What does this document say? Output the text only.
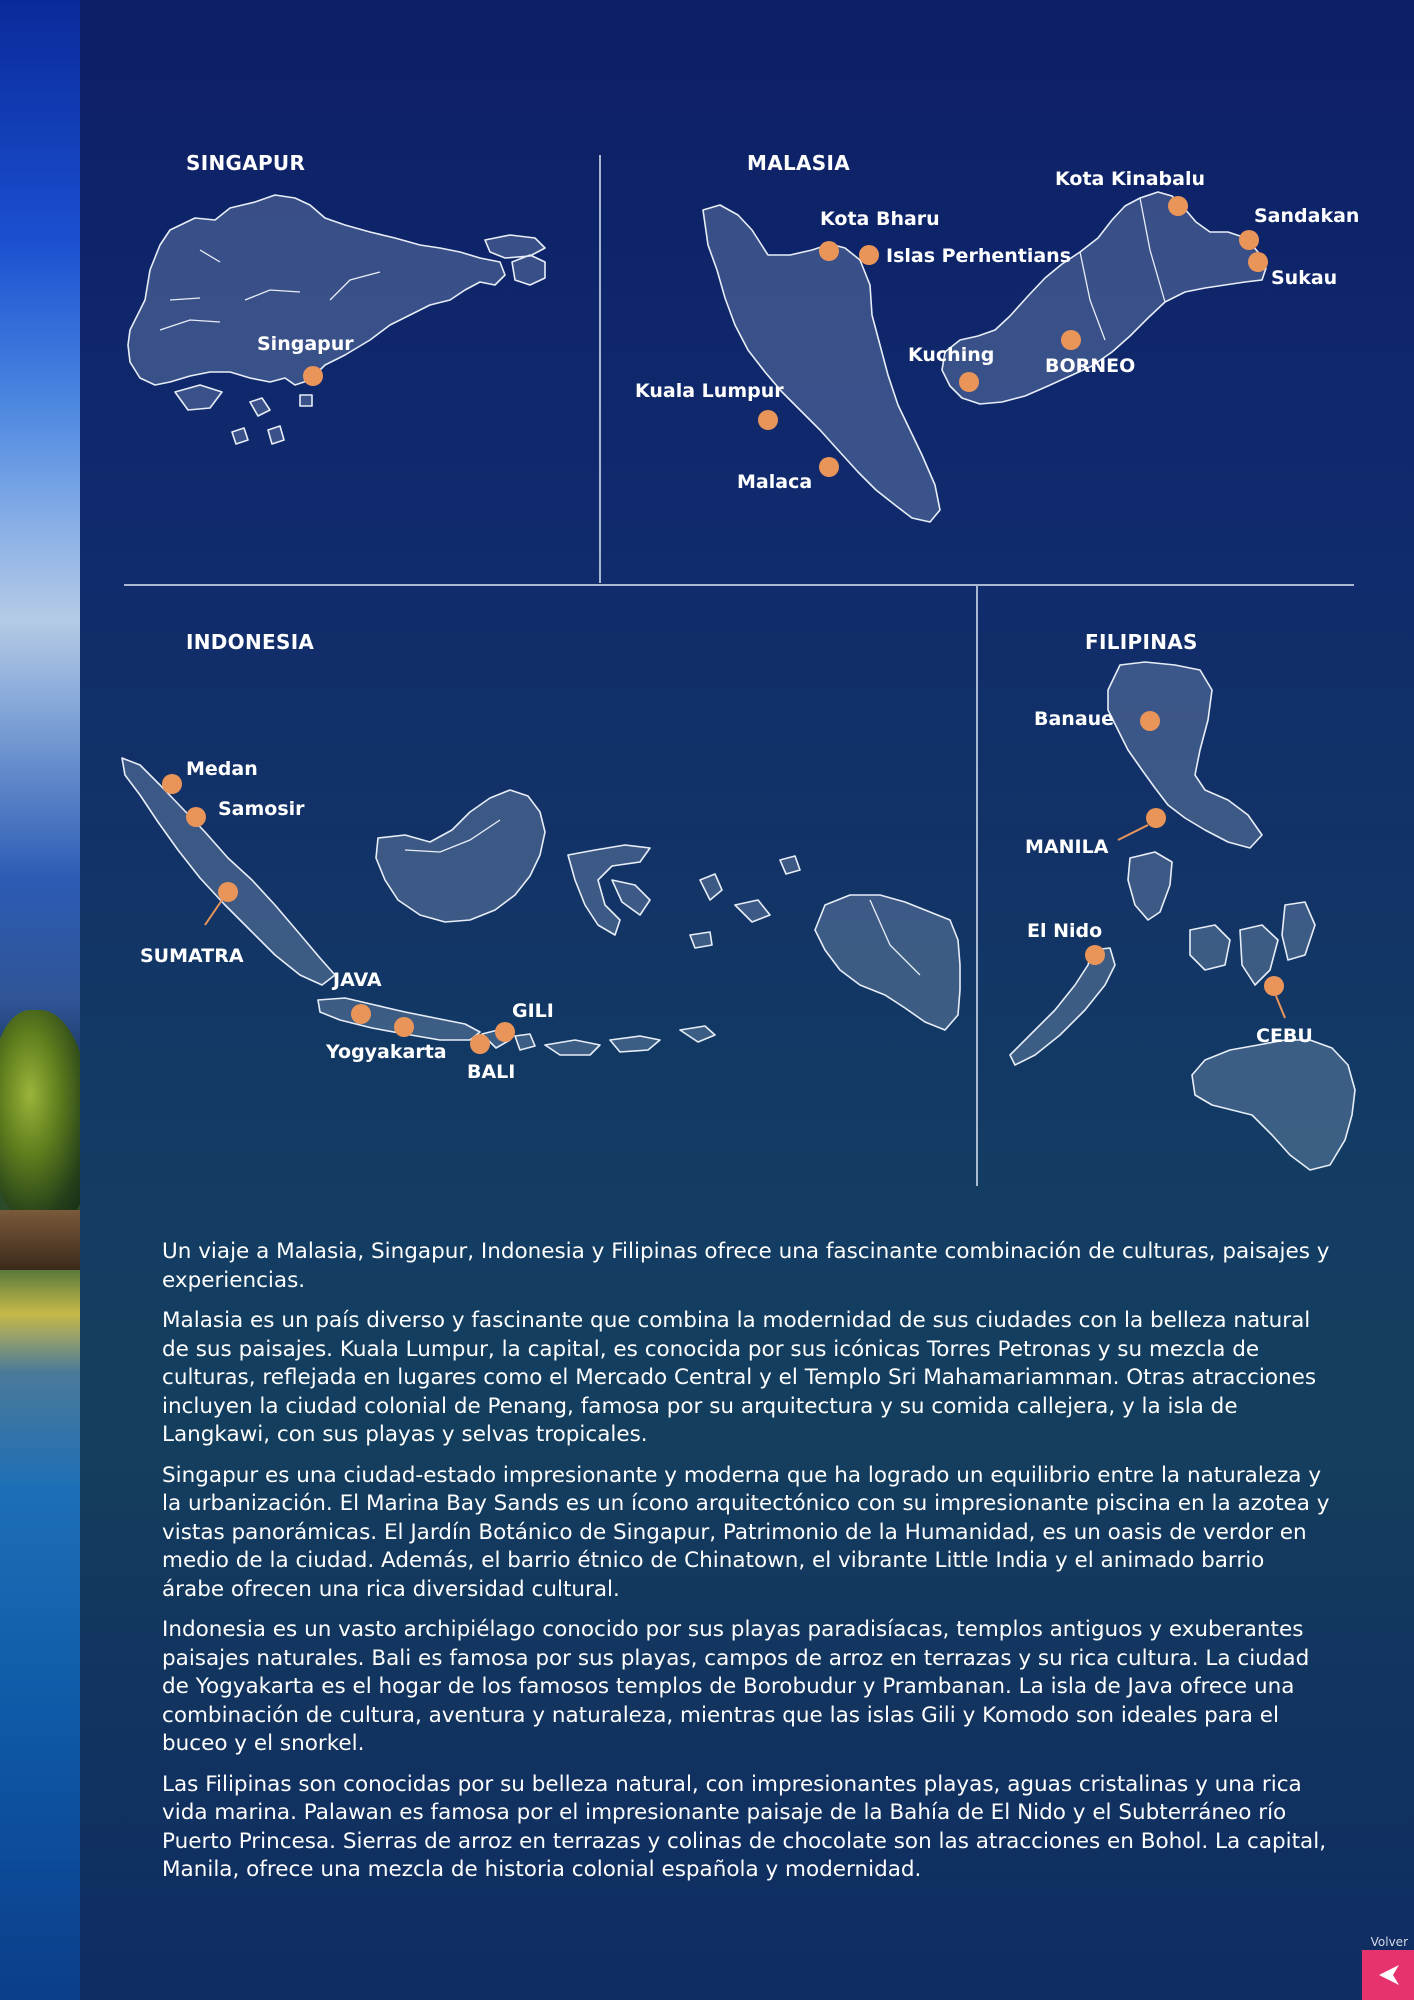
SINGAPUR	MALASIA
INDONESIA	FILIPINAS
Singapur
Kota Bharu
Islas Perhentians
Kuala Lumpur
Malaca
Kuching	BORNEO
Kota Kinabalu
Sandakan
Sukau
Medan
Samosir
SUMATRA
JAVA
Yogyakarta
BALI
GILI
Banaue
MANILA
El Nido
CEBU

Un viaje a Malasia, Singapur, Indonesia y Filipinas ofrece una fascinante combinación de culturas, paisajes y experiencias.

Malasia es un país diverso y fascinante que combina la modernidad de sus ciudades con la belleza natural de sus paisajes. Kuala Lumpur, la capital, es conocida por sus icónicas Torres Petronas y su mezcla de culturas, reflejada en lugares como el Mercado Central y el Templo Sri Mahamariamman. Otras atracciones incluyen la ciudad colonial de Penang, famosa por su arquitectura y su comida callejera, y la isla de Langkawi, con sus playas y selvas tropicales.

Singapur es una ciudad-estado impresionante y moderna que ha logrado un equilibrio entre la naturaleza y la urbanización. El Marina Bay Sands es un ícono arquitectónico con su impresionante piscina en la azotea y vistas panorámicas. El Jardín Botánico de Singapur, Patrimonio de la Humanidad, es un oasis de verdor en medio de la ciudad. Además, el barrio étnico de Chinatown, el vibrante Little India y el animado barrio árabe ofrecen una rica diversidad cultural.

Indonesia es un vasto archipiélago conocido por sus playas paradisíacas, templos antiguos y exuberantes paisajes naturales. Bali es famosa por sus playas, campos de arroz en terrazas y su rica cultura. La ciudad de Yogyakarta es el hogar de los famosos templos de Borobudur y Prambanan. La isla de Java ofrece una combinación de cultura, aventura y naturaleza, mientras que las islas Gili y Komodo son ideales para el buceo y el snorkel.

Las Filipinas son conocidas por su belleza natural, con impresionantes playas, aguas cristalinas y una rica vida marina. Palawan es famosa por el impresionante paisaje de la Bahía de El Nido y el Subterráneo río Puerto Princesa. Sierras de arroz en terrazas y colinas de chocolate son las atracciones en Bohol. La capital, Manila, ofrece una mezcla de historia colonial española y modernidad.

Volver
